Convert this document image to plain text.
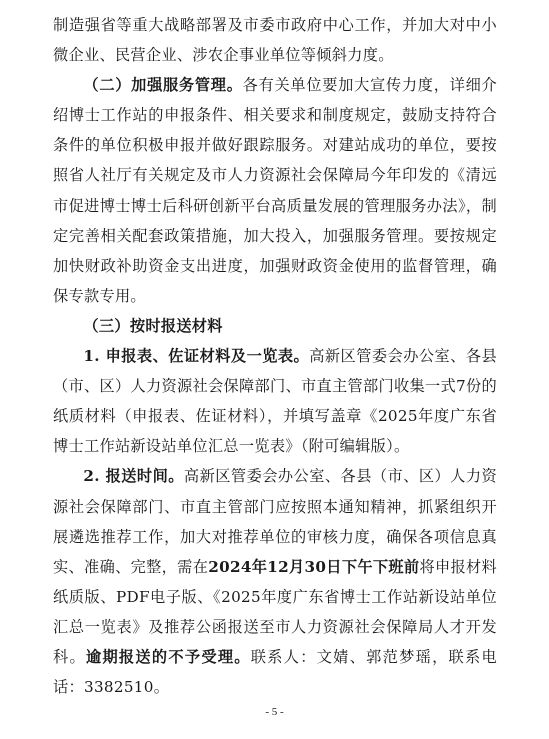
制造强省等重大战略部署及市委市政府中心工作，并加大对中小微企业、民营企业、涉农企事业单位等倾斜力度。

（二）加强服务管理。各有关单位要加大宣传力度，详细介绍博士工作站的申报条件、相关要求和制度规定，鼓励支持符合条件的单位积极申报并做好跟踪服务。对建站成功的单位，要按照省人社厅有关规定及市人力资源社会保障局今年印发的《清远市促进博士博士后科研创新平台高质量发展的管理服务办法》，制定完善相关配套政策措施，加大投入，加强服务管理。要按规定加快财政补助资金支出进度，加强财政资金使用的监督管理，确保专款专用。

（三）按时报送材料

1. 申报表、佐证材料及一览表。高新区管委会办公室、各县（市、区）人力资源社会保障部门、市直主管部门收集一式7份的纸质材料（申报表、佐证材料），并填写盖章《2025年度广东省博士工作站新设站单位汇总一览表》（附可编辑版）。

2. 报送时间。高新区管委会办公室、各县（市、区）人力资源社会保障部门、市直主管部门应按照本通知精神，抓紧组织开展遴选推荐工作，加大对推荐单位的审核力度，确保各项信息真实、准确、完整，需在2024年12月30日下午下班前将申报材料纸质版、PDF电子版、《2025年度广东省博士工作站新设站单位汇总一览表》及推荐公函报送至市人力资源社会保障局人才开发科。逾期报送的不予受理。联系人：文婧、郭范梦瑶，联系电话：3382510。

- 5 -
